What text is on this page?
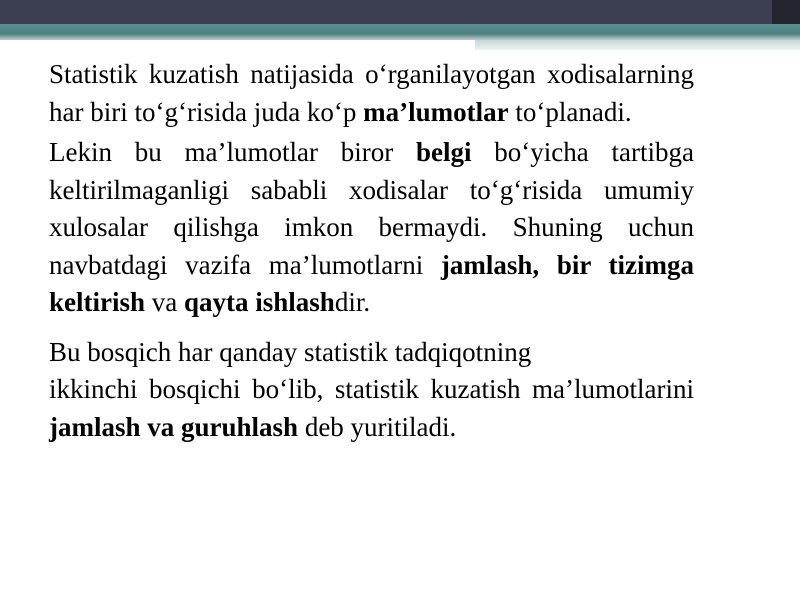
Statistik kuzatish natijasida o‘rganilayotgan xodisalarning har biri to‘g‘risida juda ko‘p ma’lumotlar to‘planadi.

Lekin bu ma’lumotlar biror belgi bo‘yicha tartibga keltirilmaganligi sababli xodisalar to‘g‘risida umumiy xulosalar qilishga imkon bermaydi. Shuning uchun navbatdagi vazifa ma’lumotlarni jamlash, bir tizimga keltirish va qayta ishlashdir.

Bu bosqich har qanday statistik tadqiqotning

ikkinchi bosqichi bo‘lib, statistik kuzatish ma’lumotlarini jamlash va guruhlash deb yuritiladi.
